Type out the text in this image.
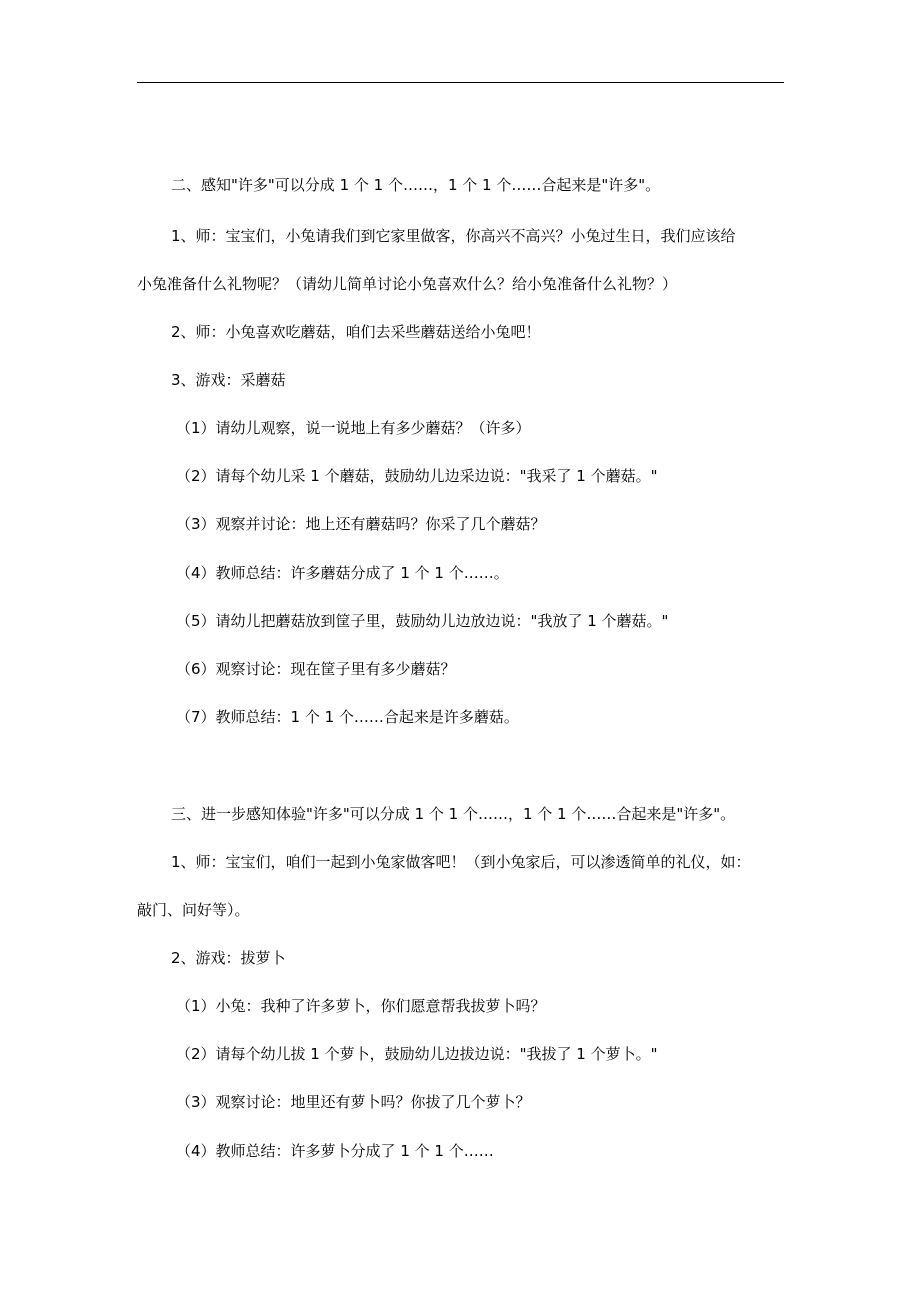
二、感知"许多"可以分成 1 个 1 个……，1 个 1 个……合起来是"许多"。
1、师：宝宝们，小兔请我们到它家里做客，你高兴不高兴？小兔过生日，我们应该给
小兔准备什么礼物呢？（请幼儿简单讨论小兔喜欢什么？给小兔准备什么礼物？）
2、师：小兔喜欢吃蘑菇，咱们去采些蘑菇送给小兔吧！
3、游戏：采蘑菇
（1）请幼儿观察，说一说地上有多少蘑菇？（许多）
（2）请每个幼儿采 1 个蘑菇，鼓励幼儿边采边说："我采了 1 个蘑菇。"
（3）观察并讨论：地上还有蘑菇吗？你采了几个蘑菇？
（4）教师总结：许多蘑菇分成了 1 个 1 个……。
（5）请幼儿把蘑菇放到筐子里，鼓励幼儿边放边说："我放了 1 个蘑菇。"
（6）观察讨论：现在筐子里有多少蘑菇？
（7）教师总结：1 个 1 个……合起来是许多蘑菇。
三、进一步感知体验"许多"可以分成 1 个 1 个……，1 个 1 个……合起来是"许多"。
1、师：宝宝们，咱们一起到小兔家做客吧！（到小兔家后，可以渗透简单的礼仪，如：
敲门、问好等）。
2、游戏：拔萝卜
（1）小兔：我种了许多萝卜，你们愿意帮我拔萝卜吗？
（2）请每个幼儿拔 1 个萝卜，鼓励幼儿边拔边说："我拔了 1 个萝卜。"
（3）观察讨论：地里还有萝卜吗？你拔了几个萝卜？
（4）教师总结：许多萝卜分成了 1 个 1 个……
